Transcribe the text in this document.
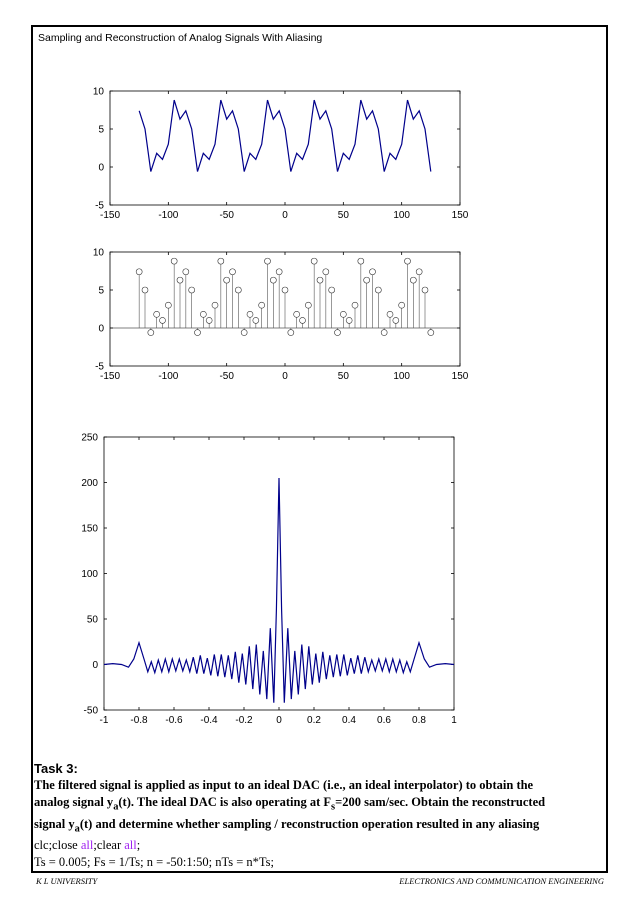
Sampling and Reconstruction of Analog Signals With Aliasing
-150	-100	-50	0	50	100	150
-5
0
5
10
-150	-100	-50	0	50	100	150
-5
0
5
10
-1 -0.8 -0.6 -0.4 -0.2 0	0.2 0.4 0.6 0.8	1
-50
0
50
100
150
200
250
Task 3:
The filtered signal is applied as input to an ideal DAC (i.e., an ideal interpolator) to obtain the
analog signal $y_a(t)$. The ideal DAC is also operating at $F_s=200$ sam/sec. Obtain the reconstructed
signal $y_a(t)$ and determine whether sampling / reconstruction operation resulted in any aliasing
clc;close all;clear all;
Ts = 0.005; Fs = 1/Ts; n = -50:1:50; nTs = n*Ts;
K L UNIVERSITY	ELECTRONICS AND COMMUNICATION ENGINEERING
